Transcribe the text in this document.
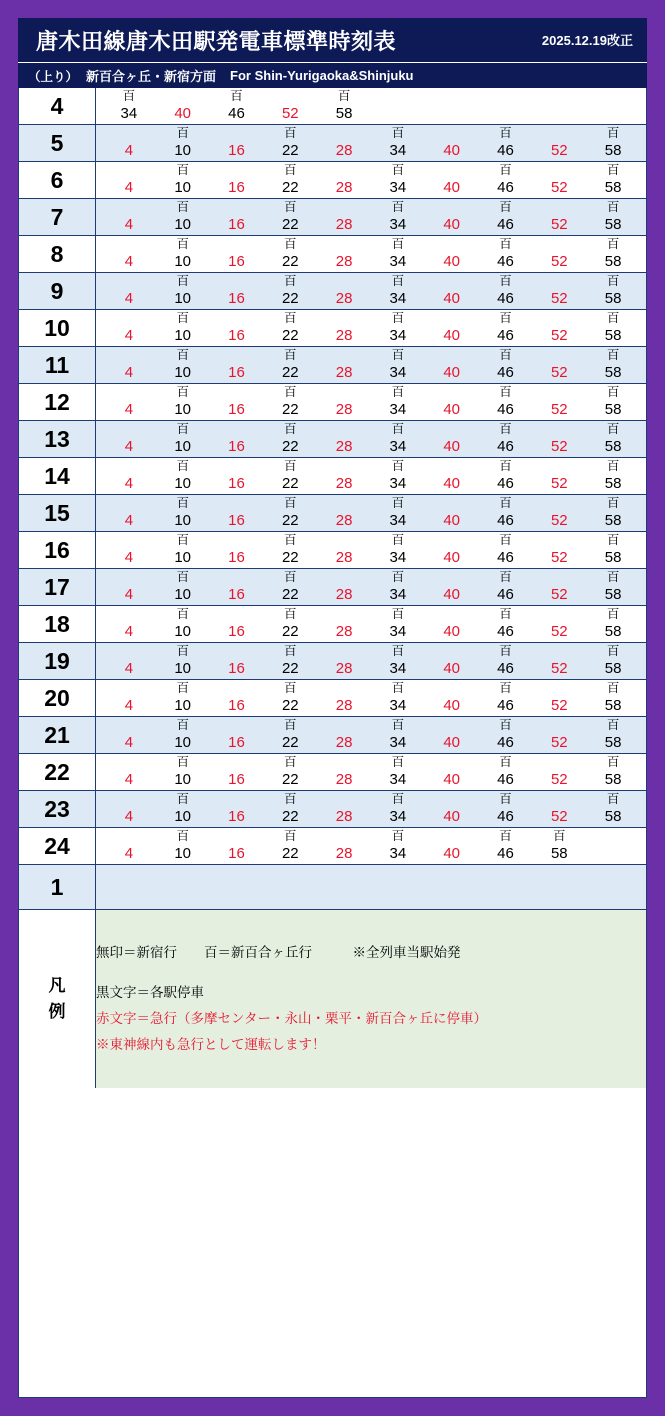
唐木田線唐木田駅発電車標準時刻表	2025.12.19改正
（上り） 新百合ヶ丘・新宿方面 For Shin-Yurigaoka&Shinjuku
4	百
34
	40
百
46
	52
百
58

5	4
百
10
	16
百
22
	28
百
34
	40
百
46
	52
百
58

6	4
百
10
	16
百
22
	28
百
34
	40
百
46
	52
百
58

7	4
百
10
	16
百
22
	28
百
34
	40
百
46
	52
百
58

8	4
百
10
	16
百
22
	28
百
34
	40
百
46
	52
百
58

9	4
百
10
	16
百
22
	28
百
34
	40
百
46
	52
百
58

10	4
百
10
	16
百
22
	28
百
34
	40
百
46
	52
百
58

11	4
百
10
	16
百
22
	28
百
34
	40
百
46
	52
百
58

12	4
百
10
	16
百
22
	28
百
34
	40
百
46
	52
百
58

13	4
百
10
	16
百
22
	28
百
34
	40
百
46
	52
百
58

14	4
百
10
	16
百
22
	28
百
34
	40
百
46
	52
百
58

15	4
百
10
	16
百
22
	28
百
34
	40
百
46
	52
百
58

16	4
百
10
	16
百
22
	28
百
34
	40
百
46
	52
百
58

17	4
百
10
	16
百
22
	28
百
34
	40
百
46
	52
百
58

18	4
百
10
	16
百
22
	28
百
34
	40
百
46
	52
百
58

19	4
百
10
	16
百
22
	28
百
34
	40
百
46
	52
百
58

20	4
百
10
	16
百
22
	28
百
34
	40
百
46
	52
百
58

21	4
百
10
	16
百
22
	28
百
34
	40
百
46
	52
百
58

22	4
百
10
	16
百
22
	28
百
34
	40
百
46
	52
百
58

23	4
百
10
	16
百
22
	28
百
34
	40
百
46
	52
百
58

24	4
百
10
	16
百
22
	28
百
34
	40
百
46
百
58

1	

凡
例

無印＝新宿行　　百＝新百合ヶ丘行　　　※全列車当駅始発
黒文字＝各駅停車
赤文字＝急行（多摩センター・永山・栗平・新百合ヶ丘に停車）
※東神線内も急行として運転します！
